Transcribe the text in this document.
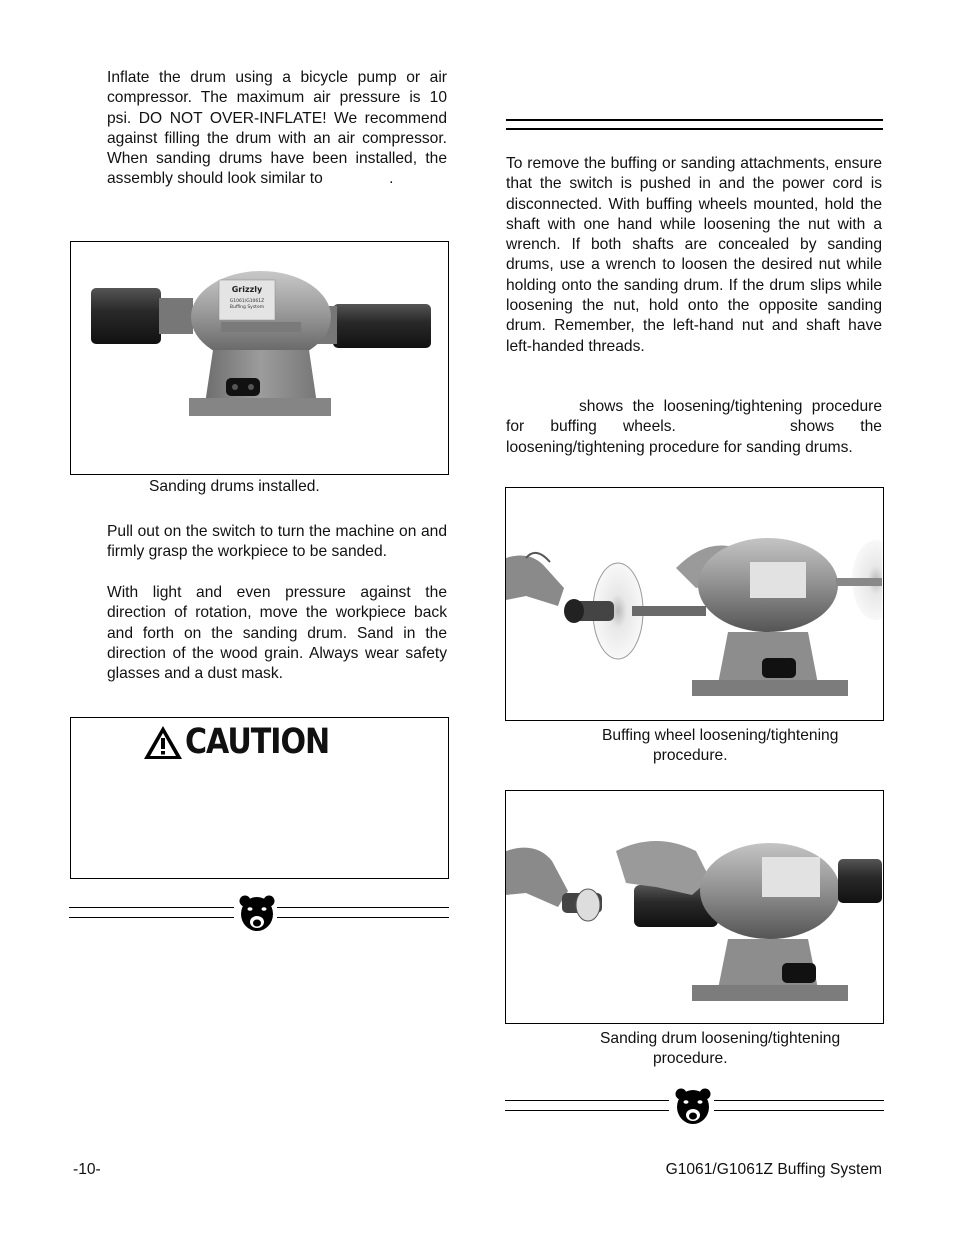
Inflate the drum using a bicycle pump or air compressor. The maximum air pressure is 10 psi. DO NOT OVER-INFLATE! We recommend against filling the drum with an air compressor. When sanding drums have been installed, the assembly should look similar to	.

Grizzly
G1061/G1061Z
Buffing System

Sanding drums installed.

Pull out on the switch to turn the machine on and firmly grasp the workpiece to be sanded.

With light and even pressure against the direction of rotation, move the workpiece back and forth on the sanding drum. Sand in the direction of the wood grain. Always wear safety glasses and a dust mask.

CAUTION

To remove the buffing or sanding attachments, ensure that the switch is pushed in and the power cord is disconnected. With buffing wheels mounted, hold the shaft with one hand while loosening the nut with a wrench. If both shafts are concealed by sanding drums, use a wrench to loosen the desired nut while holding onto the sanding drum. If the drum slips while loosening the nut, hold onto the opposite sanding drum. Remember, the left-hand nut and shaft have left-handed threads.

shows the loosening/tightening procedure for buffing wheels.	shows the loosening/tightening procedure for sanding drums.

Buffing wheel loosening/tightening

procedure.

Sanding drum loosening/tightening

procedure.

-10-	G1061/G1061Z Buffing System
